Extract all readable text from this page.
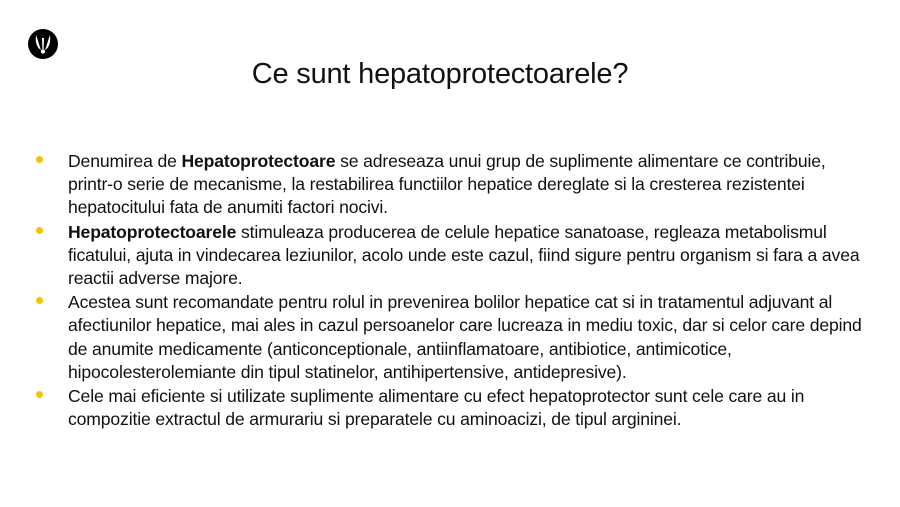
Ce sunt hepatoprotectoarele?
Denumirea de Hepatoprotectoare se adreseaza unui grup de suplimente alimentare ce contribuie, printr-o serie de mecanisme, la restabilirea functiilor hepatice dereglate si la cresterea rezistentei hepatocitului fata de anumiti factori nocivi.
Hepatoprotectoarele stimuleaza producerea de celule hepatice sanatoase, regleaza metabolismul ficatului, ajuta in vindecarea leziunilor, acolo unde este cazul, fiind sigure pentru organism si fara a avea reactii adverse majore.
Acestea sunt recomandate pentru rolul in prevenirea bolilor hepatice cat si in tratamentul adjuvant al afectiunilor hepatice, mai ales in cazul persoanelor care lucreaza in mediu toxic, dar si celor care depind de anumite medicamente (anticonceptionale, antiinflamatoare, antibiotice, antimicotice, hipocolesterolemiante din tipul statinelor, antihipertensive, antidepresive).
Cele mai eficiente si utilizate suplimente alimentare cu efect hepatoprotector sunt cele care au in compozitie extractul de armurariu si preparatele cu aminoacizi, de tipul argininei.
